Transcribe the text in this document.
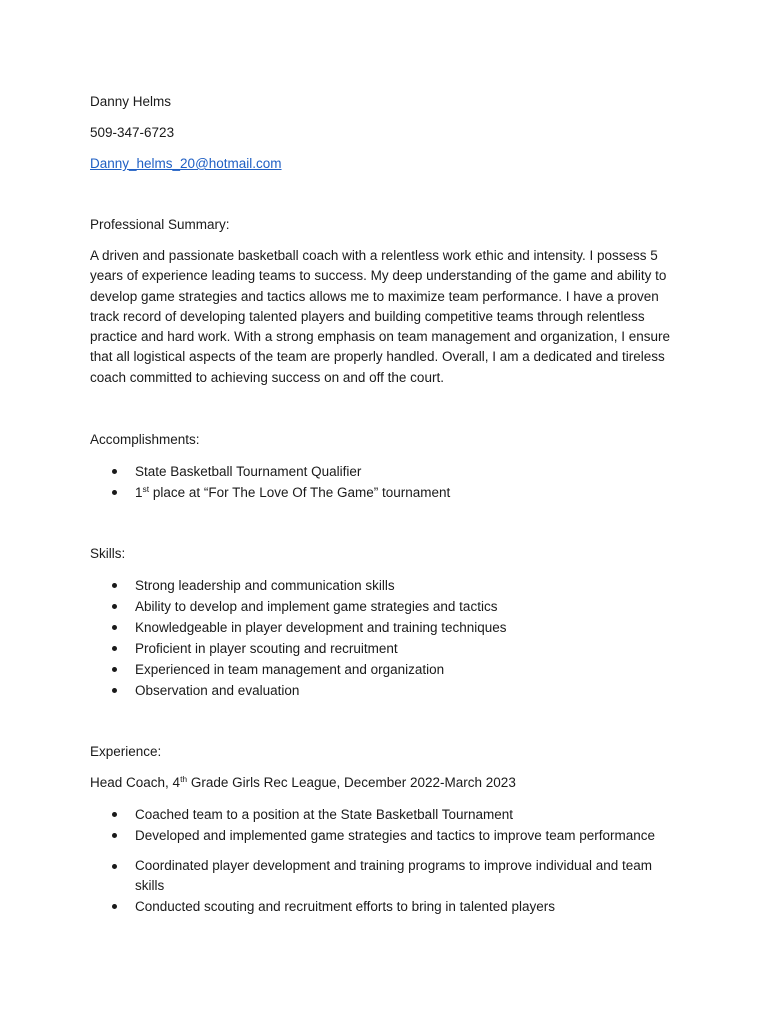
Danny Helms
509-347-6723
Danny_helms_20@hotmail.com
Professional Summary:
A driven and passionate basketball coach with a relentless work ethic and intensity. I possess 5 years of experience leading teams to success. My deep understanding of the game and ability to develop game strategies and tactics allows me to maximize team performance. I have a proven track record of developing talented players and building competitive teams through relentless practice and hard work. With a strong emphasis on team management and organization, I ensure that all logistical aspects of the team are properly handled. Overall, I am a dedicated and tireless coach committed to achieving success on and off the court.
Accomplishments:
State Basketball Tournament Qualifier
1st place at “For The Love Of The Game” tournament
Skills:
Strong leadership and communication skills
Ability to develop and implement game strategies and tactics
Knowledgeable in player development and training techniques
Proficient in player scouting and recruitment
Experienced in team management and organization
Observation and evaluation
Experience:
Head Coach, 4th Grade Girls Rec League, December 2022-March 2023
Coached team to a position at the State Basketball Tournament
Developed and implemented game strategies and tactics to improve team performance
Coordinated player development and training programs to improve individual and team skills
Conducted scouting and recruitment efforts to bring in talented players
